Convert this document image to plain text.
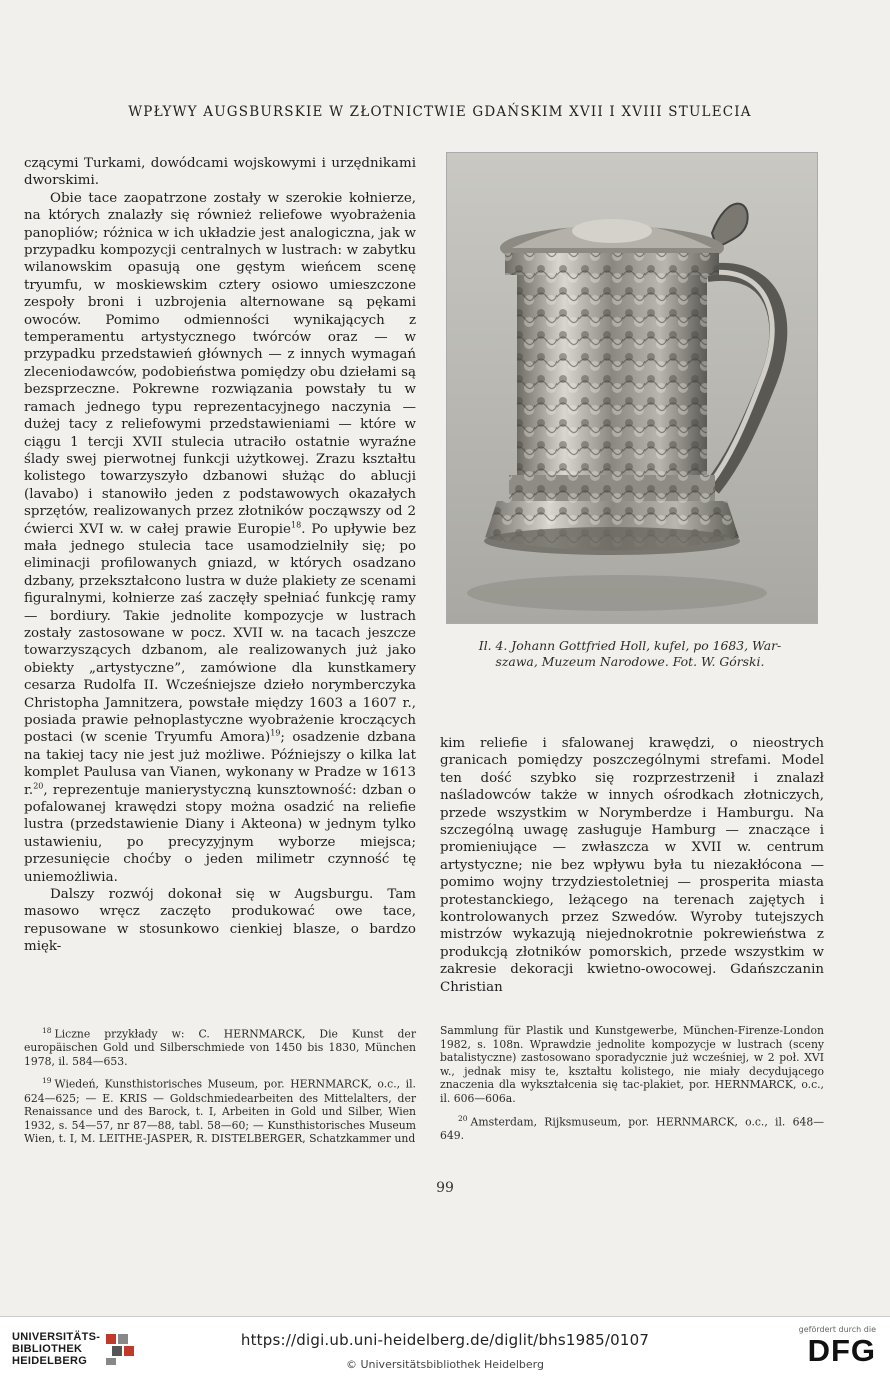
WPŁYWY AUGSBURSKIE W ZŁOTNICTWIE GDAŃSKIM XVII I XVIII STULECIA

czącymi Turkami, dowódcami wojskowymi i urzędnikami dworskimi.

Obie tace zaopatrzone zostały w szerokie kołnierze, na których znalazły się również reliefowe wyobrażenia panopliów; różnica w ich układzie jest analogiczna, jak w przypadku kompozycji centralnych w lustrach: w zabytku wilanowskim opasują one gęstym wieńcem scenę tryumfu, w moskiewskim cztery osiowo umieszczone zespoły broni i uzbrojenia alternowane są pękami owoców. Pomimo odmienności wynikających z temperamentu artystycznego twórców oraz — w przypadku przedstawień głównych — z innych wymagań zleceniodawców, podobieństwa pomiędzy obu dziełami są bezsprzeczne. Pokrewne rozwiązania powstały tu w ramach jednego typu reprezentacyjnego naczynia — dużej tacy z reliefowymi przedstawieniami — które w ciągu 1 tercji XVII stulecia utraciło ostatnie wyraźne ślady swej pierwotnej funkcji użytkowej. Zrazu kształtu kolistego towarzyszyło dzbanowi służąc do ablucji (lavabo) i stanowiło jeden z podstawowych okazałych sprzętów, realizowanych przez złotników począwszy od 2 ćwierci XVI w. w całej prawie Europie$^{18}$. Po upływie bez mała jednego stulecia tace usamodzielniły się; po eliminacji profilowanych gniazd, w których osadzano dzbany, przekształcono lustra w duże plakiety ze scenami figuralnymi, kołnierze zaś zaczęły spełniać funkcję ramy — bordiury. Takie jednolite kompozycje w lustrach zostały zastosowane w pocz. XVII w. na tacach jeszcze towarzyszących dzbanom, ale realizowanych już jako obiekty „artystyczne”, zamówione dla kunstkamery cesarza Rudolfa II. Wcześniejsze dzieło norymberczyka Christopha Jamnitzera, powstałe między 1603 a 1607 r., posiada prawie pełnoplastyczne wyobrażenie kroczących postaci (w scenie Tryumfu Amora)$^{19}$; osadzenie dzbana na takiej tacy nie jest już możliwe. Późniejszy o kilka lat komplet Paulusa van Vianen, wykonany w Pradze w 1613 r.$^{20}$, reprezentuje manierystyczną kunsztowność: dzban o pofalowanej krawędzi stopy można osadzić na reliefie lustra (przedstawienie Diany i Akteona) w jednym tylko ustawieniu, po precyzyjnym wyborze miejsca; przesunięcie choćby o jeden milimetr czynność tę uniemożliwia.

Dalszy rozwój dokonał się w Augsburgu. Tam masowo wręcz zaczęto produkować owe tace, repusowane w stosunkowo cienkiej blasze, o bardzo mięk-

Il. 4. Johann Gottfried Holl, kufel, po 1683, War-
szawa, Muzeum Narodowe. Fot. W. Górski.

kim reliefie i sfalowanej krawędzi, o nieostrych granicach pomiędzy poszczególnymi strefami. Model ten dość szybko się rozprzestrzenił i znalazł naśladowców także w innych ośrodkach złotniczych, przede wszystkim w Norymberdze i Hamburgu. Na szczególną uwagę zasługuje Hamburg — znaczące i promieniujące — zwłaszcza w XVII w. centrum artystyczne; nie bez wpływu była tu niezakłócona — pomimo wojny trzydziestoletniej — prosperita miasta protestanckiego, leżącego na terenach zajętych i kontrolowanych przez Szwedów. Wyroby tutejszych mistrzów wykazują niejednokrotnie pokrewieństwa z produkcją złotników pomorskich, przede wszystkim w zakresie dekoracji kwietno-owocowej. Gdańszczanin Christian

$^{18}$ Liczne przykłady w: C. HERNMARCK, Die Kunst der europäischen Gold und Silberschmiede von 1450 bis 1830, München 1978, il. 584—653.

$^{19}$ Wiedeń, Kunsthistorisches Museum, por. HERNMARCK, o.c., il. 624—625; — E. KRIS — Goldschmiedearbeiten des Mittelalters, der Renaissance und des Barock, t. I, Arbeiten in Gold und Silber, Wien 1932, s. 54—57, nr 87—88, tabl. 58—60; — Kunsthistorisches Museum Wien, t. I, M. LEITHE-JASPER, R. DISTELBERGER, Schatzkammer und

Sammlung für Plastik und Kunstgewerbe, München-Firenze-London 1982, s. 108n. Wprawdzie jednolite kompozycje w lustrach (sceny batalistyczne) zastosowano sporadycznie już wcześniej, w 2 poł. XVI w., jednak misy te, kształtu kolistego, nie miały decydującego znaczenia dla wykształcenia się tac-plakiet, por. HERNMARCK, o.c., il. 606—606a.

$^{20}$ Amsterdam, Rijksmuseum, por. HERNMARCK, o.c., il. 648—649.

99
UNIVERSITÄTS-
BIBLIOTHEK
HEIDELBERG
https://digi.ub.uni-heidelberg.de/diglit/bhs1985/0107
© Universitätsbibliothek Heidelberg
gefördert durch die
DFG
